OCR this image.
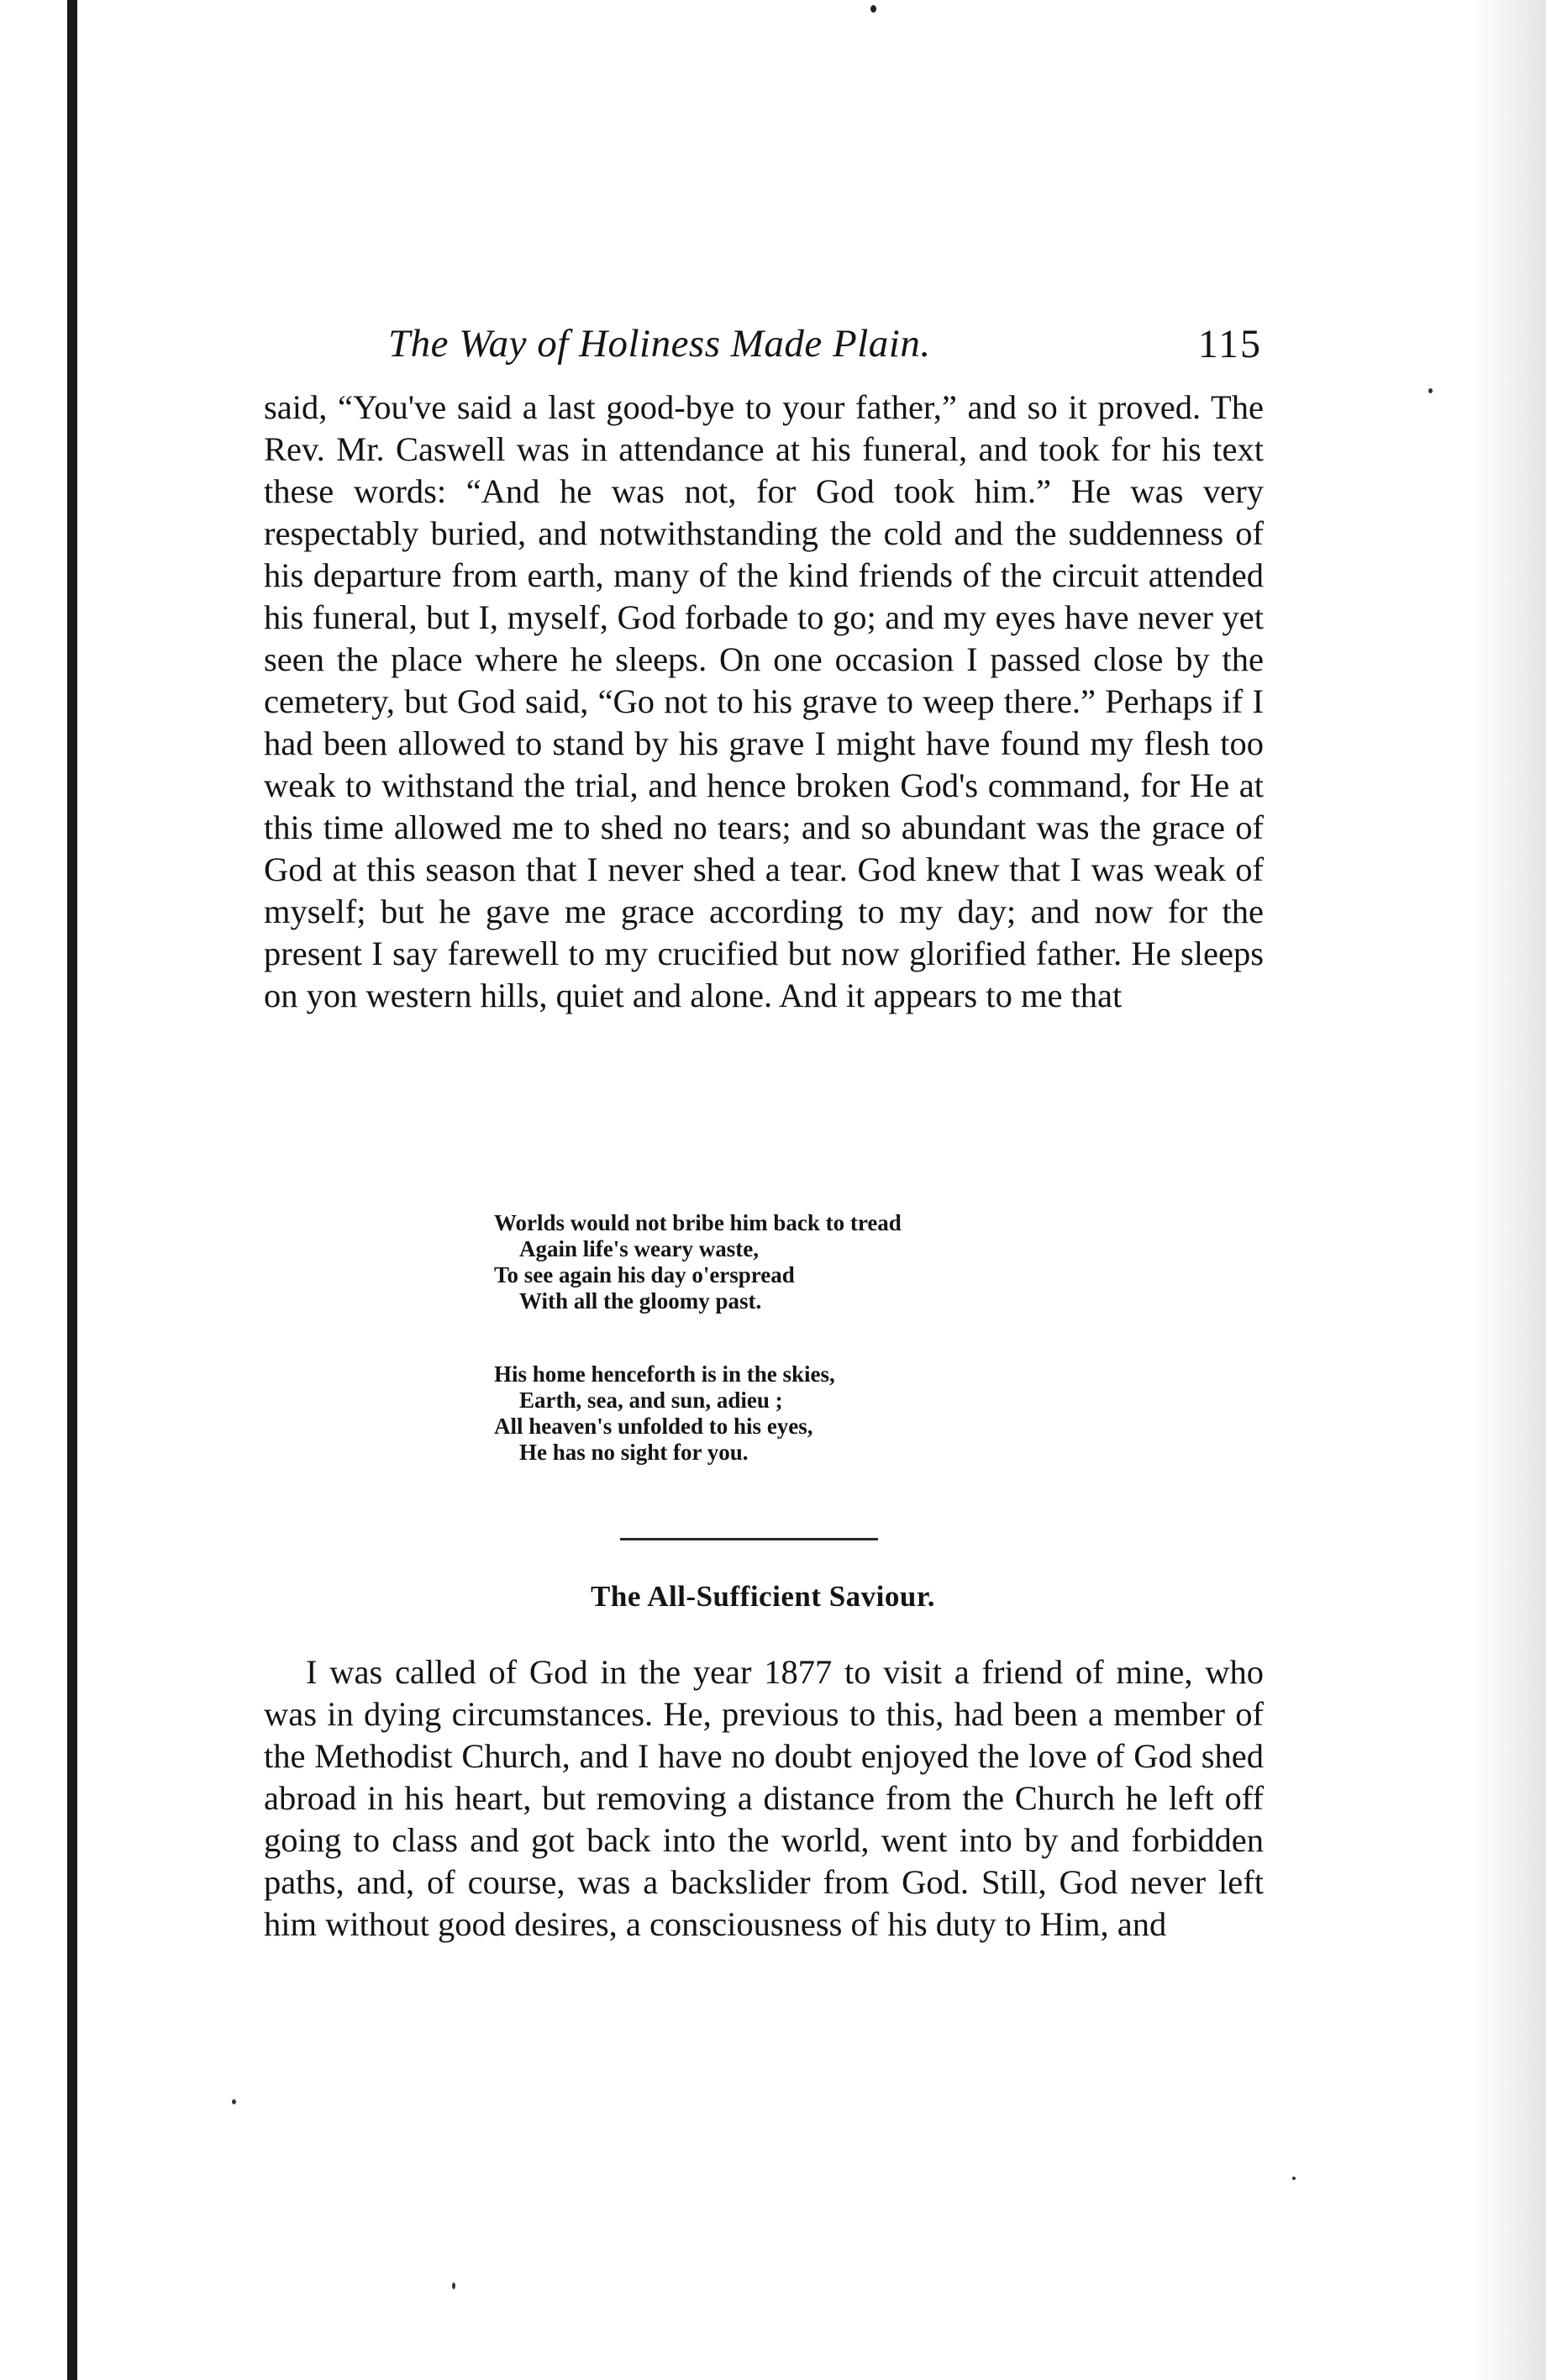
The Way of Holiness Made Plain.	115

said, “You've said a last good-bye to your father,” and so it proved. The Rev. Mr. Caswell was in attendance at his funeral, and took for his text these words: “And he was not, for God took him.” He was very respectably buried, and notwithstanding the cold and the suddenness of his departure from earth, many of the kind friends of the circuit attended his funeral, but I, myself, God forbade to go; and my eyes have never yet seen the place where he sleeps. On one occasion I passed close by the cemetery, but God said, “Go not to his grave to weep there.” Perhaps if I had been allowed to stand by his grave I might have found my flesh too weak to withstand the trial, and hence broken God's command, for He at this time allowed me to shed no tears; and so abundant was the grace of God at this season that I never shed a tear. God knew that I was weak of myself; but he gave me grace according to my day; and now for the present I say farewell to my crucified but now glorified father. He sleeps on yon western hills, quiet and alone. And it appears to me that

Worlds would not bribe him back to tread
Again life's weary waste,
To see again his day o'erspread
With all the gloomy past.
His home henceforth is in the skies,
Earth, sea, and sun, adieu ;
All heaven's unfolded to his eyes,
He has no sight for you.
The All-Sufficient Saviour.

I was called of God in the year 1877 to visit a friend of mine, who was in dying circumstances. He, previous to this, had been a member of the Methodist Church, and I have no doubt enjoyed the love of God shed abroad in his heart, but removing a distance from the Church he left off going to class and got back into the world, went into by and forbidden paths, and, of course, was a backslider from God. Still, God never left him without good desires, a consciousness of his duty to Him, and
